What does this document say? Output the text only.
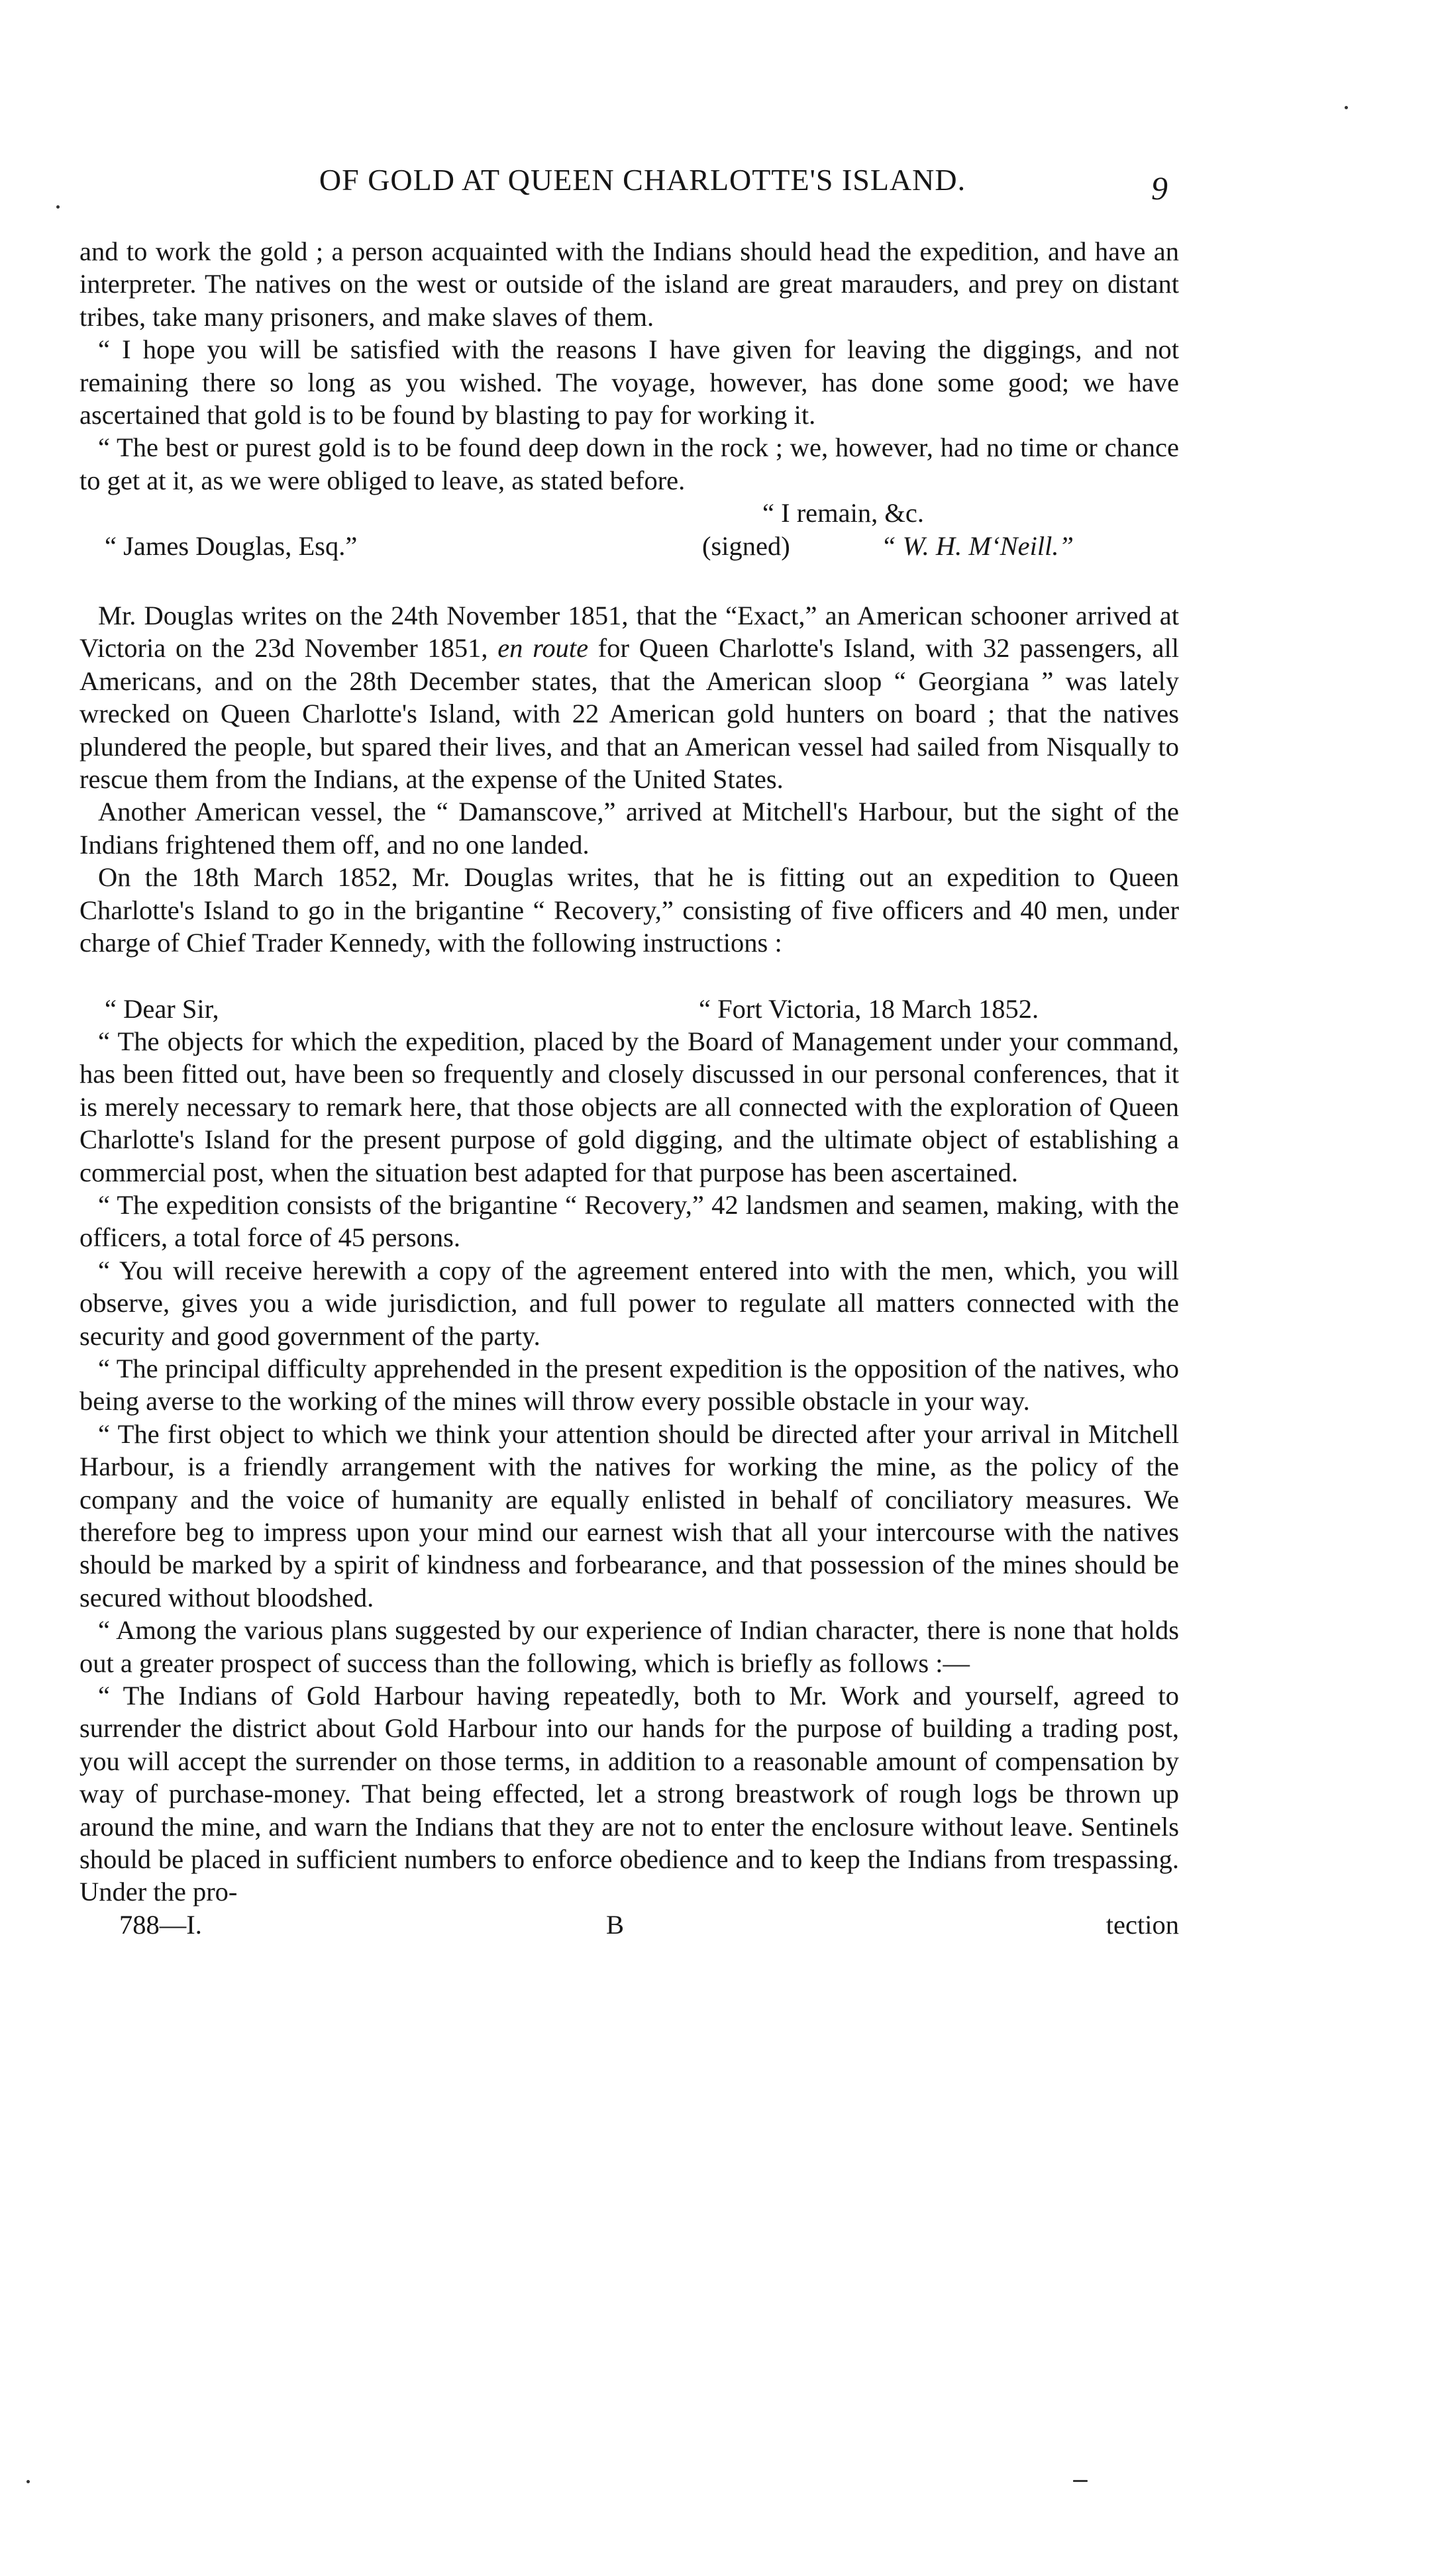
OF GOLD AT QUEEN CHARLOTTE'S ISLAND.	9

and to work the gold ; a person acquainted with the Indians should head the expedition, and have an interpreter. The natives on the west or outside of the island are great marauders, and prey on distant tribes, take many prisoners, and make slaves of them.

“ I hope you will be satisfied with the reasons I have given for leaving the diggings, and not remaining there so long as you wished. The voyage, however, has done some good; we have ascertained that gold is to be found by blasting to pay for working it.

“ The best or purest gold is to be found deep down in the rock ; we, however, had no time or chance to get at it, as we were obliged to leave, as stated before.

“ I remain, &c.

“ James Douglas, Esq.”	(signed)	“ W. H. M‘Neill.”

Mr. Douglas writes on the 24th November 1851, that the “Exact,” an American schooner arrived at Victoria on the 23d November 1851, en route for Queen Charlotte's Island, with 32 passengers, all Americans, and on the 28th December states, that the American sloop “ Georgiana ” was lately wrecked on Queen Charlotte's Island, with 22 American gold hunters on board ; that the natives plundered the people, but spared their lives, and that an American vessel had sailed from Nisqually to rescue them from the Indians, at the expense of the United States.

Another American vessel, the “ Damanscove,” arrived at Mitchell's Harbour, but the sight of the Indians frightened them off, and no one landed.

On the 18th March 1852, Mr. Douglas writes, that he is fitting out an expedition to Queen Charlotte's Island to go in the brigantine “ Recovery,” consisting of five officers and 40 men, under charge of Chief Trader Kennedy, with the following instructions :

“ Dear Sir,	“ Fort Victoria, 18 March 1852.

“ The objects for which the expedition, placed by the Board of Management under your command, has been fitted out, have been so frequently and closely discussed in our personal conferences, that it is merely necessary to remark here, that those objects are all connected with the exploration of Queen Charlotte's Island for the present purpose of gold digging, and the ultimate object of establishing a commercial post, when the situation best adapted for that purpose has been ascertained.

“ The expedition consists of the brigantine “ Recovery,” 42 landsmen and seamen, making, with the officers, a total force of 45 persons.

“ You will receive herewith a copy of the agreement entered into with the men, which, you will observe, gives you a wide jurisdiction, and full power to regulate all matters connected with the security and good government of the party.

“ The principal difficulty apprehended in the present expedition is the opposition of the natives, who being averse to the working of the mines will throw every possible obstacle in your way.

“ The first object to which we think your attention should be directed after your arrival in Mitchell Harbour, is a friendly arrangement with the natives for working the mine, as the policy of the company and the voice of humanity are equally enlisted in behalf of conciliatory measures. We therefore beg to impress upon your mind our earnest wish that all your intercourse with the natives should be marked by a spirit of kindness and forbearance, and that possession of the mines should be secured without bloodshed.

“ Among the various plans suggested by our experience of Indian character, there is none that holds out a greater prospect of success than the following, which is briefly as follows :—

“ The Indians of Gold Harbour having repeatedly, both to Mr. Work and yourself, agreed to surrender the district about Gold Harbour into our hands for the purpose of building a trading post, you will accept the surrender on those terms, in addition to a reasonable amount of compensation by way of purchase-money. That being effected, let a strong breastwork of rough logs be thrown up around the mine, and warn the Indians that they are not to enter the enclosure without leave. Sentinels should be placed in sufficient numbers to enforce obedience and to keep the Indians from trespassing. Under the pro-

788—I.	B	tection
